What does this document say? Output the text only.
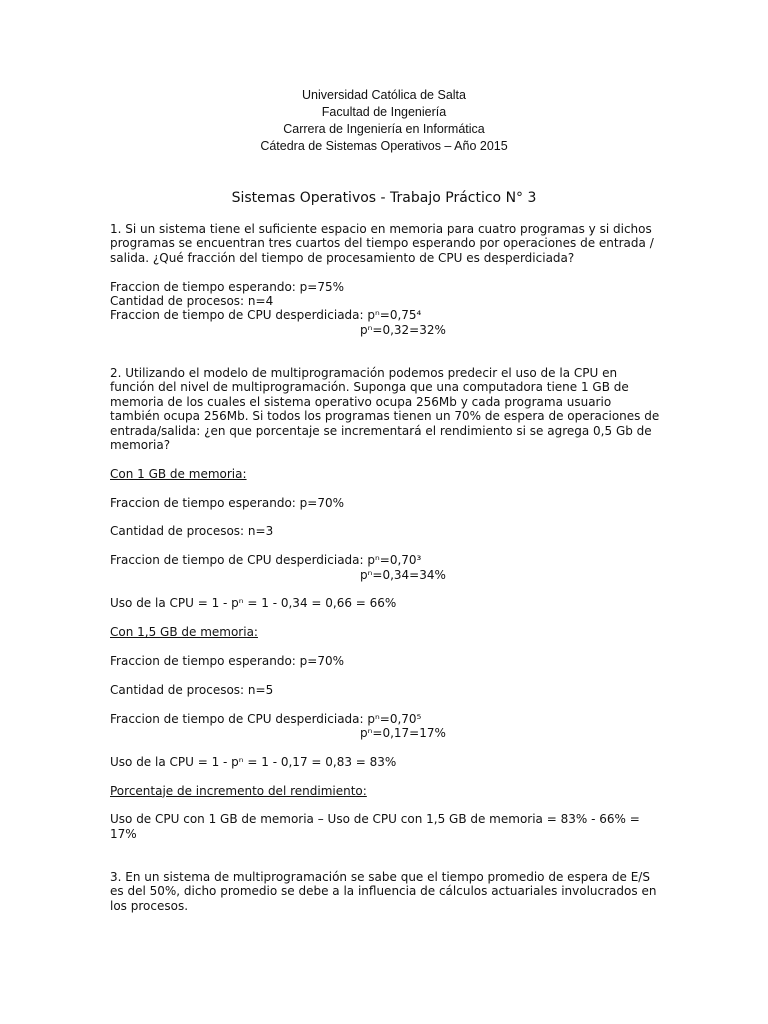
Universidad Católica de Salta
Facultad de Ingeniería
Carrera de Ingeniería en Informática
Cátedra de Sistemas Operativos – Año 2015
Sistemas Operativos - Trabajo Práctico N° 3

1. Si un sistema tiene el suficiente espacio en memoria para cuatro programas y si dichos programas se encuentran tres cuartos del tiempo esperando por operaciones de entrada / salida. ¿Qué fracción del tiempo de procesamiento de CPU es desperdiciada?

Fraccion de tiempo esperando: p=75%

Cantidad de procesos: n=4

Fraccion de tiempo de CPU desperdiciada: pⁿ=0,75⁴

pⁿ=0,32=32%

2. Utilizando el modelo de multiprogramación podemos predecir el uso de la CPU en función del nivel de multiprogramación. Suponga que una computadora tiene 1 GB de memoria de los cuales el sistema operativo ocupa 256Mb y cada programa usuario también ocupa 256Mb. Si todos los programas tienen un 70% de espera de operaciones de entrada/salida: ¿en que porcentaje se incrementará el rendimiento si se agrega 0,5 Gb de memoria?

Con 1 GB de memoria:

Fraccion de tiempo esperando: p=70%

Cantidad de procesos: n=3

Fraccion de tiempo de CPU desperdiciada: pⁿ=0,70³

pⁿ=0,34=34%

Uso de la CPU = 1 - pⁿ = 1 - 0,34 = 0,66 = 66%

Con 1,5 GB de memoria:

Fraccion de tiempo esperando: p=70%

Cantidad de procesos: n=5

Fraccion de tiempo de CPU desperdiciada: pⁿ=0,70⁵

pⁿ=0,17=17%

Uso de la CPU = 1 - pⁿ = 1 - 0,17 = 0,83 = 83%

Porcentaje de incremento del rendimiento:

Uso de CPU con 1 GB de memoria – Uso de CPU con 1,5 GB de memoria = 83% - 66% = 17%

3. En un sistema de multiprogramación se sabe que el tiempo promedio de espera de E/S es del 50%, dicho promedio se debe a la influencia de cálculos actuariales involucrados en los procesos.
